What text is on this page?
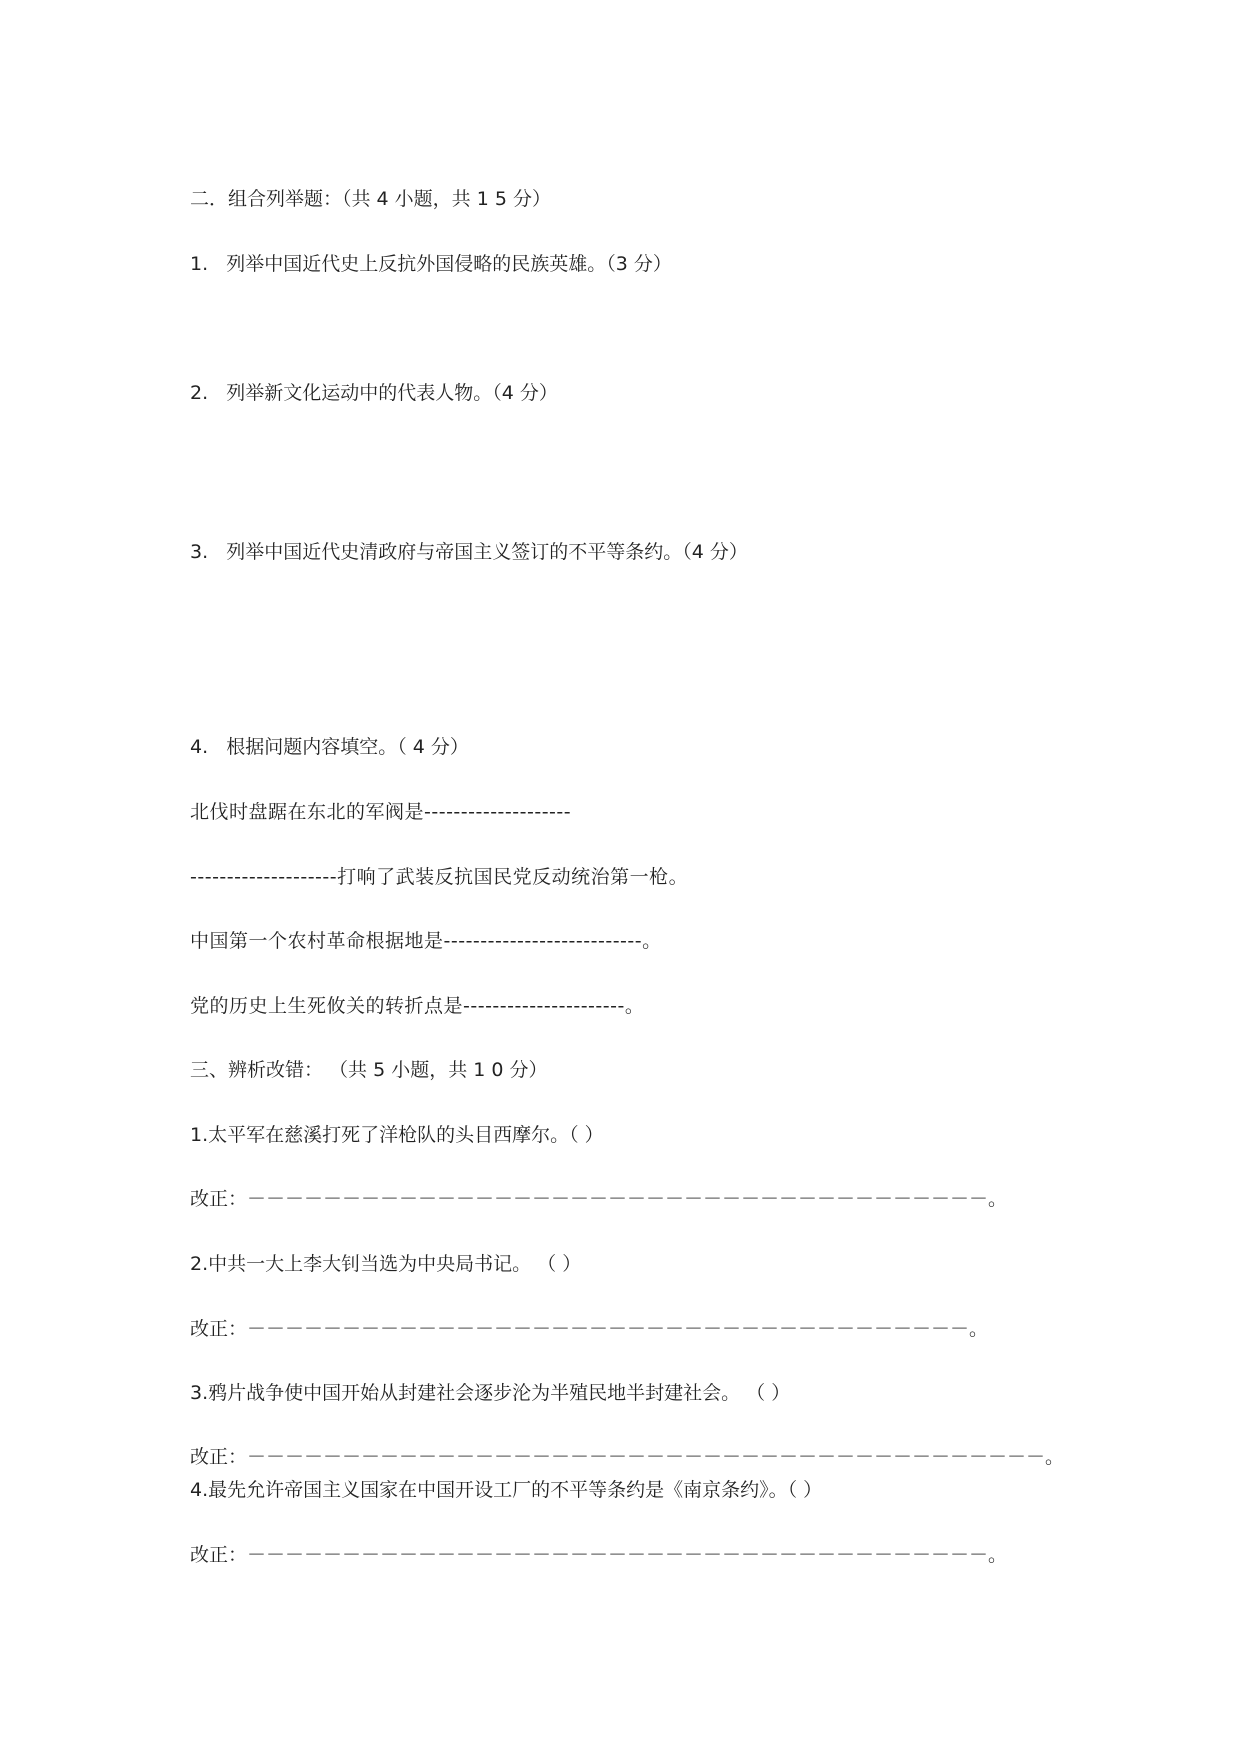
二．组合列举题：（共 4 小题，共 1 5 分）
1. 列举中国近代史上反抗外国侵略的民族英雄。（3 分）
2. 列举新文化运动中的代表人物。（4 分）
3. 列举中国近代史清政府与帝国主义签订的不平等条约。（4 分）
4. 根据问题内容填空。（ 4 分）
北伐时盘踞在东北的军阀是--------------------
--------------------打响了武装反抗国民党反动统治第一枪。
中国第一个农村革命根据地是---------------------------。
党的历史上生死攸关的转折点是----------------------。
三、辨析改错： （共 5 小题，共 1 0 分）
1.太平军在慈溪打死了洋枪队的头目西摩尔。（ ）
改正：－－－－－－－－－－－－－－－－－－－－－－－－－－－－－－－－－－－－－－－。
2.中共一大上李大钊当选为中央局书记。 （ ）
改正：－－－－－－－－－－－－－－－－－－－－－－－－－－－－－－－－－－－－－－。
3.鸦片战争使中国开始从封建社会逐步沦为半殖民地半封建社会。 （ ）
改正：－－－－－－－－－－－－－－－－－－－－－－－－－－－－－－－－－－－－－－－－－－。
4.最先允许帝国主义国家在中国开设工厂的不平等条约是《南京条约》。（ ）
改正：－－－－－－－－－－－－－－－－－－－－－－－－－－－－－－－－－－－－－－－。
